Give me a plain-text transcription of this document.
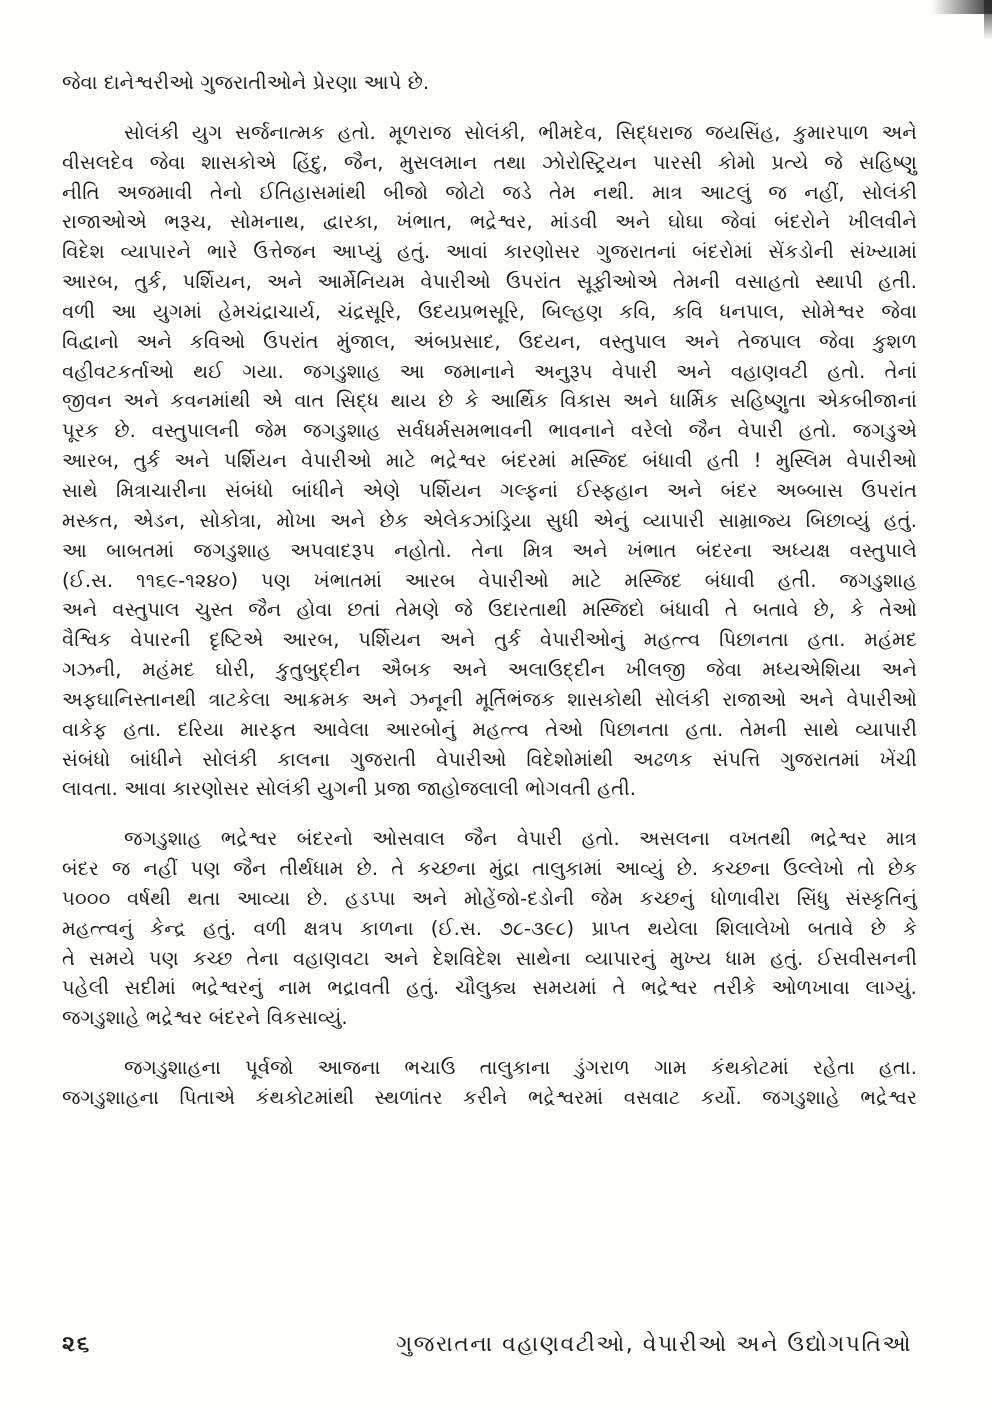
જેવા દાનેશ્વરીઓ ગુજરાતીઓને પ્રેરણા આપે છે.
સોલંકી યુગ સર્જનાત્મક હતો. મૂળરાજ સોલંકી, ભીમદેવ, સિદ્ધરાજ જયસિંહ, કુમારપાળ અને
વીસલદેવ જેવા શાસકોએ હિંદુ, જૈન, મુસલમાન તથા ઝોરોસ્ટ્રિયન પારસી કોમો પ્રત્યે જે સહિષ્ણુ
નીતિ અજમાવી તેનો ઈતિહાસમાંથી બીજો જોટો જડે તેમ નથી. માત્ર આટલું જ નહીં, સોલંકી
રાજાઓએ ભરૂચ, સોમનાથ, દ્વારકા, ખંભાત, ભદ્રેશ્વર, માંડવી અને ઘોઘા જેવાં બંદરોને ખીલવીને
વિદેશ વ્યાપારને ભારે ઉત્તેજન આપ્યું હતું. આવાં કારણોસર ગુજરાતનાં બંદરોમાં સેંકડોની સંખ્યામાં
આરબ, તુર્ક, પર્શિયન, અને આર્મેનિયમ વેપારીઓ ઉપરાંત સૂફીઓએ તેમની વસાહતો સ્થાપી હતી.
વળી આ યુગમાં હેમચંદ્રાચાર્ય, ચંદ્રસૂરિ, ઉદયપ્રભસૂરિ, બિલ્હણ કવિ, કવિ ધનપાલ, સોમેશ્વર જેવા
વિદ્વાનો અને કવિઓ ઉપરાંત મુંજાલ, અંબપ્રસાદ, ઉદયન, વસ્તુપાલ અને તેજપાલ જેવા કુશળ
વહીવટકર્તાઓ થઈ ગયા. જગડુશાહ આ જમાનાને અનુરૂપ વેપારી અને વહાણવટી હતો. તેનાં
જીવન અને કવનમાંથી એ વાત સિદ્ધ થાય છે કે આર્થિક વિકાસ અને ધાર્મિક સહિષ્ણુતા એકબીજાનાં
પૂરક છે. વસ્તુપાલની જેમ જગડુશાહ સર્વધર્મસમભાવની ભાવનાને વરેલો જૈન વેપારી હતો. જગડુએ
આરબ, તુર્ક અને પર્શિયન વેપારીઓ માટે ભદ્રેશ્વર બંદરમાં મસ્જિદ બંધાવી હતી ! મુસ્લિમ વેપારીઓ
સાથે મિત્રાચારીના સંબંધો બાંધીને એણે પર્શિયન ગલ્ફનાં ઈસ્ફહાન અને બંદર અબ્બાસ ઉપરાંત
મસ્કત, એડન, સોકોત્રા, મોખા અને છેક એલેકઝાંડ્રિયા સુધી એનું વ્યાપારી સામ્રાજ્ય બિછાવ્યું હતું.
આ બાબતમાં જગડુશાહ અપવાદરૂપ નહોતો. તેના મિત્ર અને ખંભાત બંદરના અધ્યક્ષ વસ્તુપાલે
(ઈ.સ. ૧૧૬૯-૧૨૪૦) પણ ખંભાતમાં આરબ વેપારીઓ માટે મસ્જિદ બંધાવી હતી. જગડુશાહ
અને વસ્તુપાલ ચુસ્ત જૈન હોવા છતાં તેમણે જે ઉદારતાથી મસ્જિદો બંધાવી તે બતાવે છે, કે તેઓ
વૈશ્વિક વેપારની દૃષ્ટિએ આરબ, પર્શિયન અને તુર્ક વેપારીઓનું મહત્ત્વ પિછાનતા હતા. મહંમદ
ગઝની, મહંમદ ઘોરી, કુતુબુદ્દીન ઐબક અને અલાઉદ્દીન ખીલજી જેવા મધ્યએશિયા અને
અફઘાનિસ્તાનથી ત્રાટકેલા આક્રમક અને ઝનૂની મૂર્તિભંજક શાસકોથી સોલંકી રાજાઓ અને વેપારીઓ
વાકેફ હતા. દરિયા મારફત આવેલા આરબોનું મહત્ત્વ તેઓ પિછાનતા હતા. તેમની સાથે વ્યાપારી
સંબંધો બાંધીને સોલંકી કાલના ગુજરાતી વેપારીઓ વિદેશોમાંથી અઢળક સંપત્તિ ગુજરાતમાં ખેંચી
લાવતા. આવા કારણોસર સોલંકી યુગની પ્રજા જાહોજલાલી ભોગવતી હતી.
જગડુશાહ ભદ્રેશ્વર બંદરનો ઓસવાલ જૈન વેપારી હતો. અસલના વખતથી ભદ્રેશ્વર માત્ર
બંદર જ નહીં પણ જૈન તીર્થધામ છે. તે કચ્છના મુંદ્રા તાલુકામાં આવ્યું છે. કચ્છના ઉલ્લેખો તો છેક
૫૦૦૦ વર્ષથી થતા આવ્યા છે. હડપ્પા અને મોહેંજો-દડોની જેમ કચ્છનું ધોળાવીરા સિંધુ સંસ્કૃતિનું
મહત્ત્વનું કેન્દ્ર હતું. વળી ક્ષત્રપ કાળના (ઈ.સ. ૭૮-૩૯૮) પ્રાપ્ત થયેલા શિલાલેખો બતાવે છે કે
તે સમયે પણ કચ્છ તેના વહાણવટા અને દેશવિદેશ સાથેના વ્યાપારનું મુખ્ય ધામ હતું. ઈસવીસનની
પહેલી સદીમાં ભદ્રેશ્વરનું નામ ભદ્રાવતી હતું. ચૌલુક્ય સમયમાં તે ભદ્રેશ્વર તરીકે ઓળખાવા લાગ્યું.
જગડુશાહે ભદ્રેશ્વર બંદરને વિકસાવ્યું.
જગડુશાહના પૂર્વજો આજના ભચાઉ તાલુકાના ડુંગરાળ ગામ કંથકોટમાં રહેતા હતા.
જગડુશાહના પિતાએ કંથકોટમાંથી સ્થળાંતર કરીને ભદ્રેશ્વરમાં વસવાટ કર્યો. જગડુશાહે ભદ્રેશ્વર
૨૬	ગુજરાતના વહાણવટીઓ, વેપારીઓ અને ઉદ્યોગપતિઓ
